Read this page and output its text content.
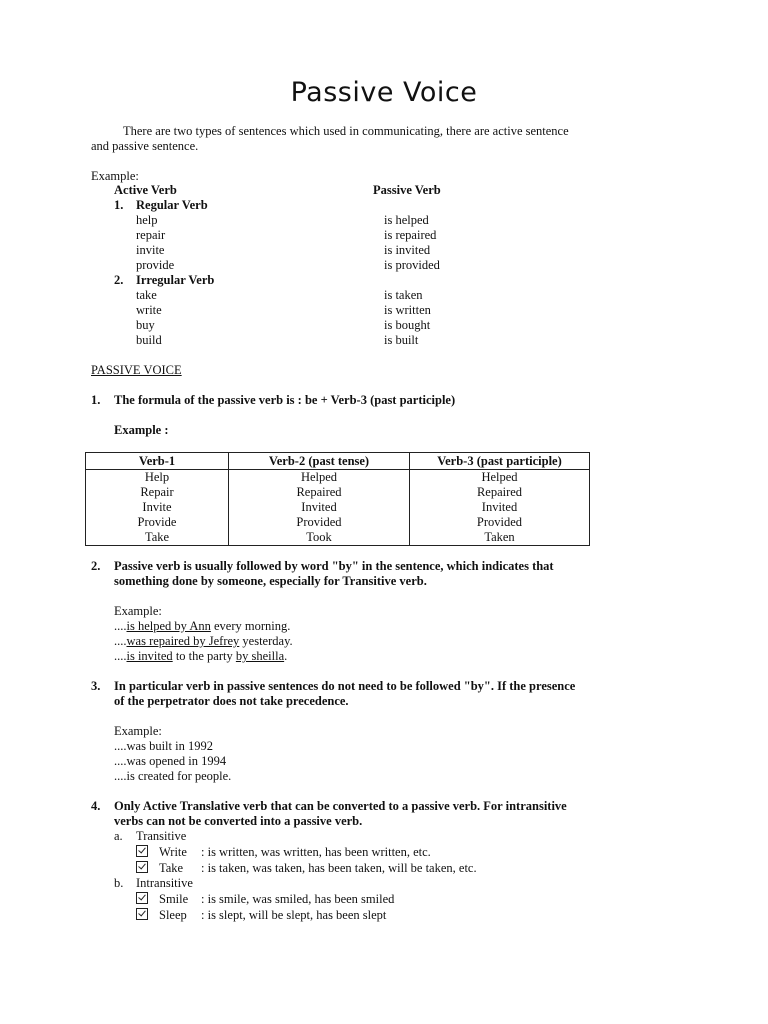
Passive Voice
There are two types of sentences which used in communicating, there are active sentence
and passive sentence.
Example:
Active Verb	Passive Verb
1. Regular Verb
help	is helped
repair	is repaired
invite	is invited
provide	is provided
2. Irregular Verb
take	is taken
write	is written
buy	is bought
build	is built
PASSIVE VOICE
1. The formula of the passive verb is : be + Verb-3 (past participle)
Example :
Verb-1	Verb-2 (past tense)	Verb-3 (past participle)
Help	Helped	Helped
Repair	Repaired	Repaired
Invite	Invited	Invited
Provide	Provided	Provided
Take	Took	Taken
2. Passive verb is usually followed by word "by" in the sentence, which indicates that
something done by someone, especially for Transitive verb.
Example:
....is helped by Ann every morning.
....was repaired by Jefrey yesterday.
....is invited to the party by sheilla.
3. In particular verb in passive sentences do not need to be followed "by". If the presence
of the perpetrator does not take precedence.
Example:
....was built in 1992
....was opened in 1994
....is created for people.
4. Only Active Translative verb that can be converted to a passive verb. For intransitive
verbs can not be converted into a passive verb.
a. Transitive
Write : is written, was written, has been written, etc.
Take : is taken, was taken, has been taken, will be taken, etc.
b. Intransitive
Smile : is smile, was smiled, has been smiled
Sleep : is slept, will be slept, has been slept
